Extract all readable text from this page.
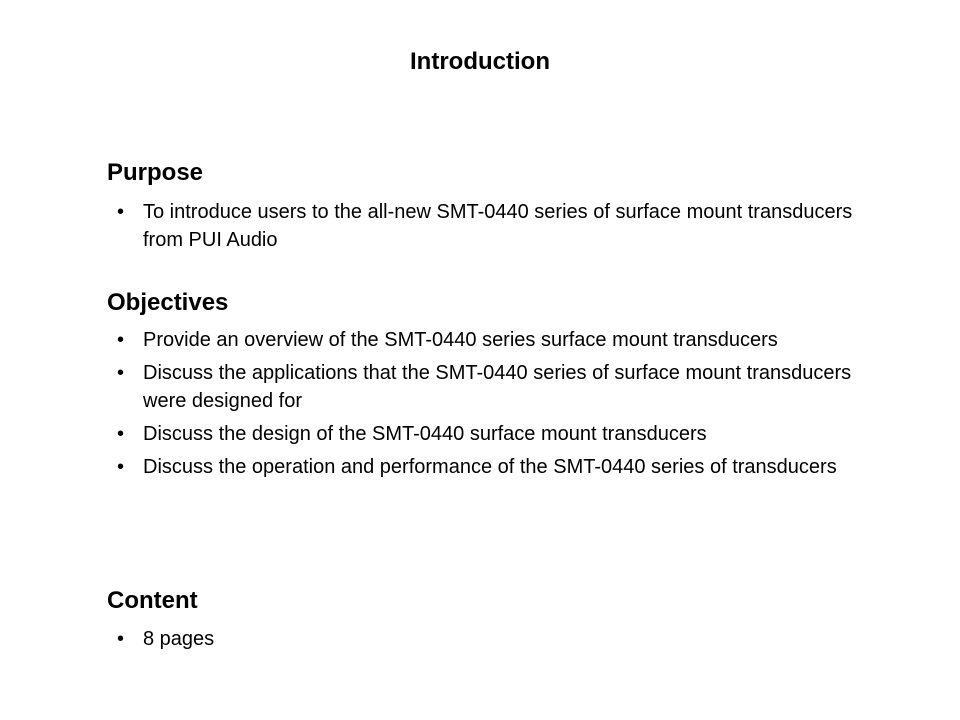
Introduction
Purpose
• To introduce users to the all-new SMT-0440 series of surface mount transducers from PUI Audio
Objectives
• Provide an overview of the SMT-0440 series surface mount transducers
• Discuss the applications that the SMT-0440 series of surface mount transducers were designed for
• Discuss the design of the SMT-0440 surface mount transducers
• Discuss the operation and performance of the SMT-0440 series of transducers
Content
• 8 pages
